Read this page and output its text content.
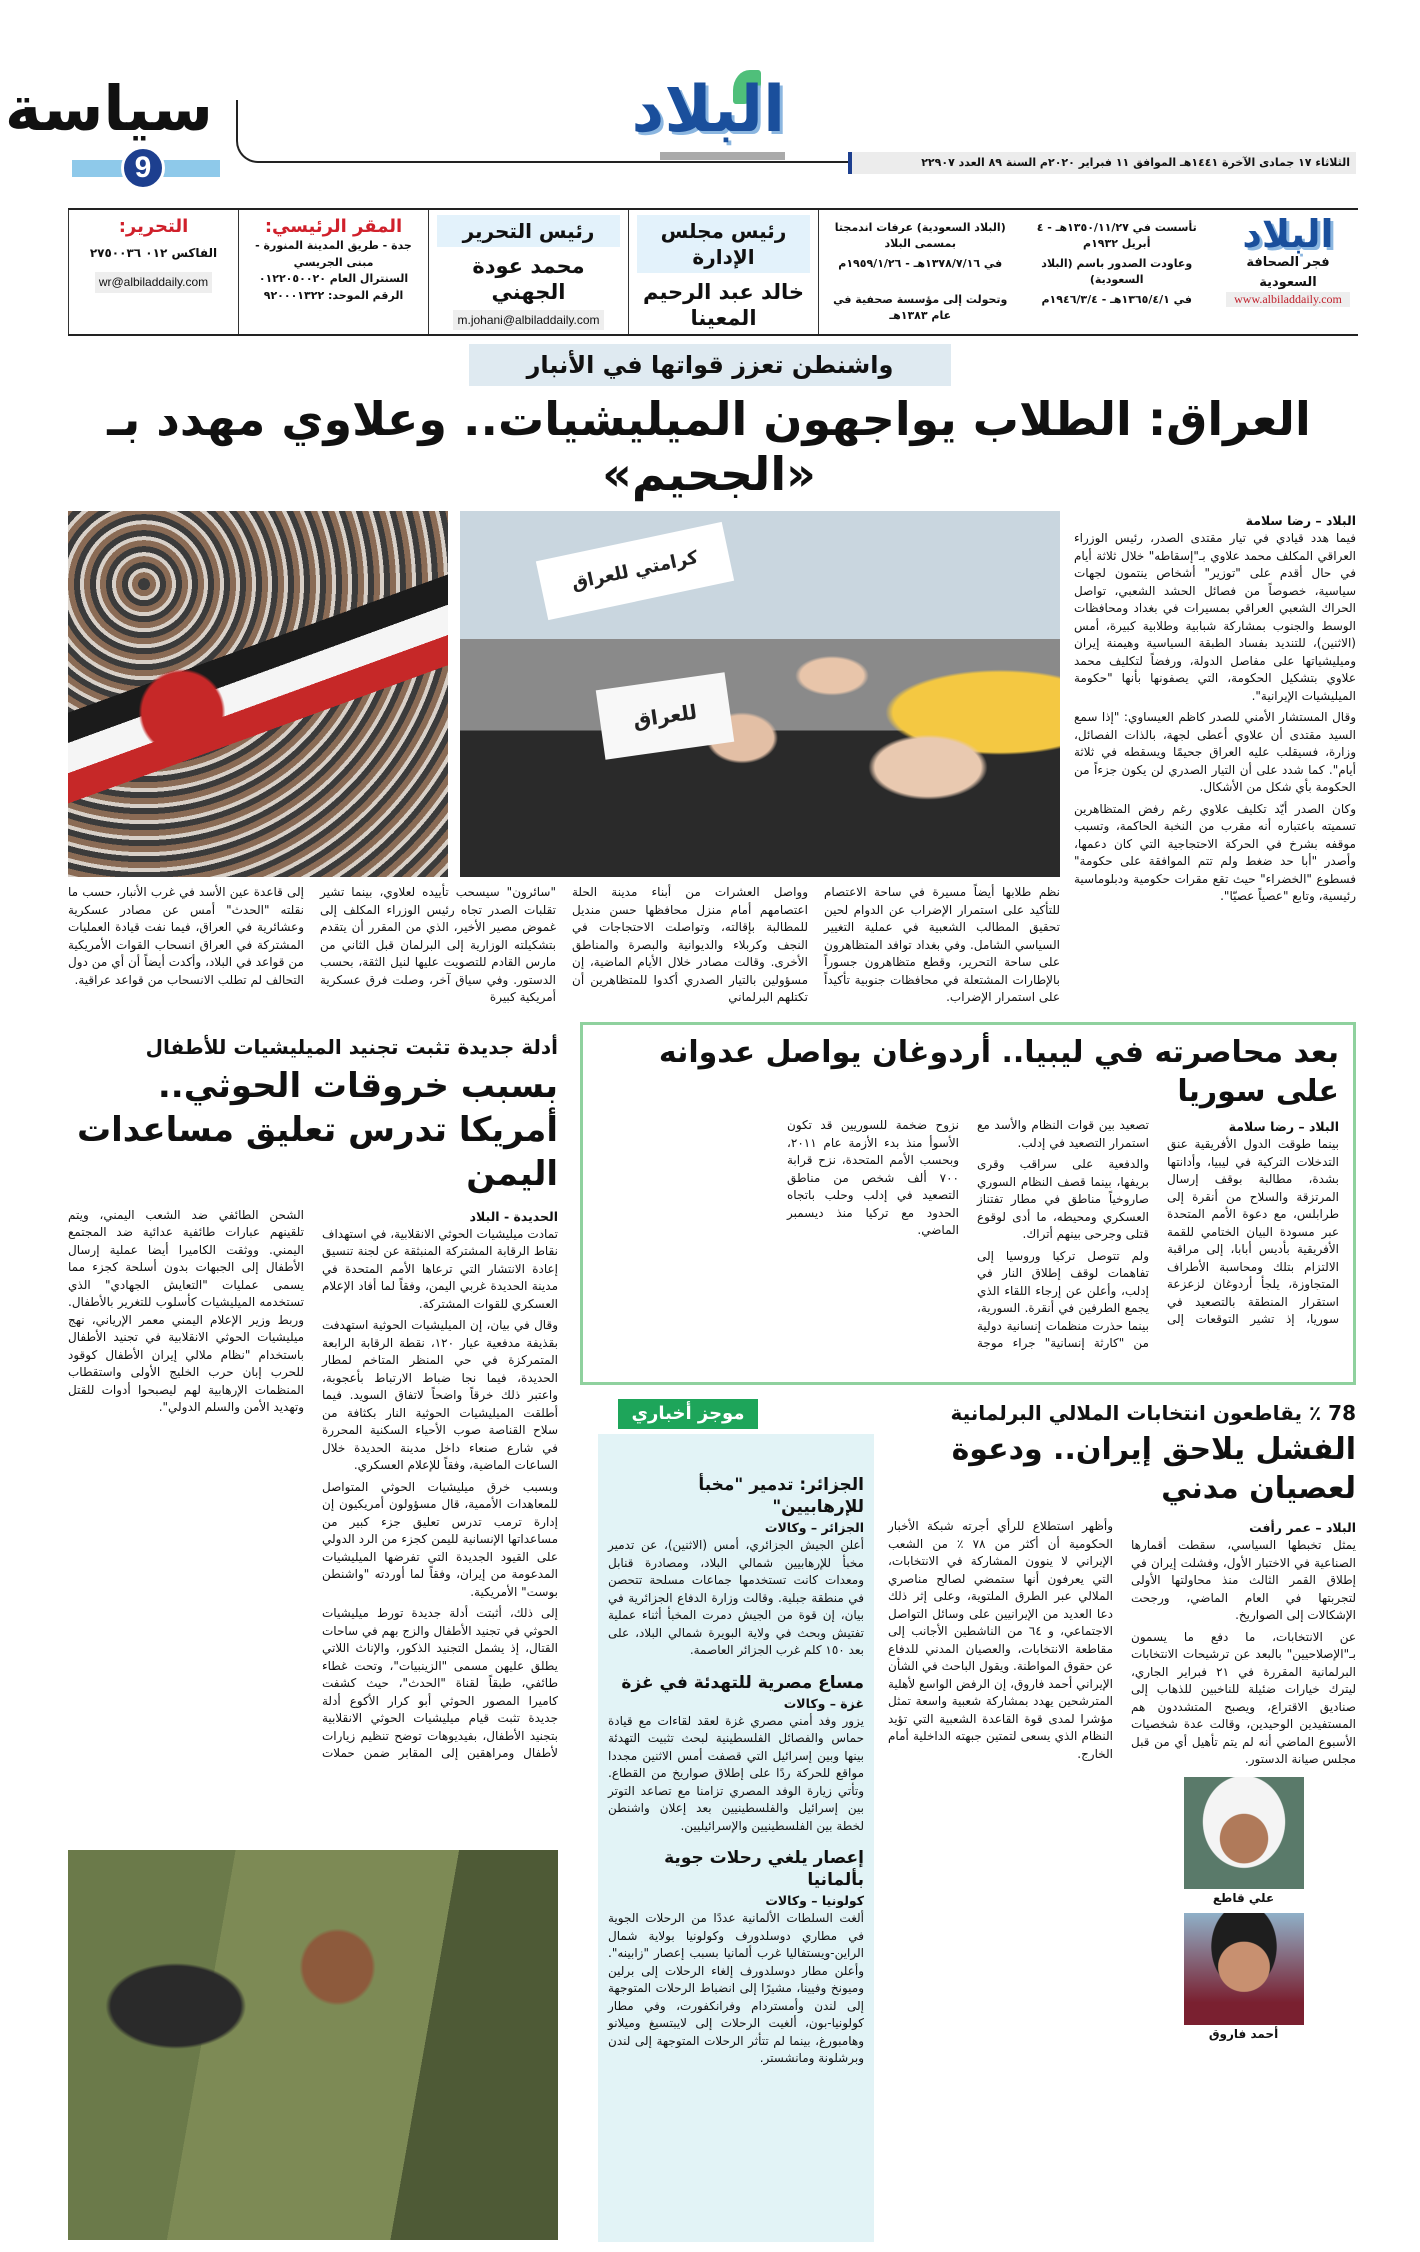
سياسة
9
البلاد
الثلاثاء ١٧ جمادى الآخرة ١٤٤١هـ الموافق ١١ فبراير ٢٠٢٠م السنة ٨٩ العدد ٢٢٩٠٧
البلاد
فجر الصحافة السعودية
www.albiladdaily.com
تأسست في ١٣٥٠/١١/٢٧هـ - ٤ أبريل ١٩٣٢م
(البلاد السعودية) عرفات اندمجتا بمسمى البلاد
وعاودت الصدور باسم (البلاد السعودية)
في ١٣٧٨/٧/١٦هـ - ١٩٥٩/١/٢٦م
في ١٣٦٥/٤/١هـ - ١٩٤٦/٣/٤م
وتحولت إلى مؤسسة صحفية في عام ١٣٨٣هـ
رئيس مجلس الإدارة
خالد عبد الرحيم المعينا
رئيس التحرير
محمد عودة الجهني
m.johani@albiladdaily.com
المقر الرئيسي:
جدة - طريق المدينة المنورة - مبنى الجريسي
السنترال العام ٠١٢٢٠٥٠٠٢٠
الرقم الموحد: ٩٢٠٠٠١٣٢٢
التحرير:
الفاكس ٠١٢ ٢٧٥٠٠٣٦
wr@albiladdaily.com
واشنطن تعزز قواتها في الأنبار
العراق: الطلاب يواجهون الميليشيات.. وعلاوي مهدد بـ «الجحيم»
كرامتي للعراق
للعراق
البلاد – رضا سلامة

فيما هدد قيادي في تيار مقتدى الصدر، رئيس الوزراء العراقي المكلف محمد علاوي بـ"إسقاطه" خلال ثلاثة أيام في حال أقدم على "توزير" أشخاص ينتمون لجهات سياسية، خصوصاً من فصائل الحشد الشعبي، تواصل الحراك الشعبي العراقي بمسيرات في بغداد ومحافظات الوسط والجنوب بمشاركة شبابية وطلابية كبيرة، أمس (الاثنين)، للتنديد بفساد الطبقة السياسية وهيمنة إيران وميليشياتها على مفاصل الدولة، ورفضاً لتكليف محمد علاوي بتشكيل الحكومة، التي يصفونها بأنها "حكومة الميليشيات الإيرانية".

وقال المستشار الأمني للصدر كاظم العيساوي: "إذا سمع السيد مقتدى أن علاوي أعطى لجهة، بالذات الفصائل، وزارة، فسيقلب عليه العراق جحيمًا ويسقطه في ثلاثة أيام". كما شدد على أن التيار الصدري لن يكون جزءاً من الحكومة بأي شكل من الأشكال.

وكان الصدر أيّد تكليف علاوي رغم رفض المتظاهرين تسميته باعتباره أنه مقرب من النخبة الحاكمة، وتسبب موقفه بشرخ في الحركة الاحتجاجية التي كان دعمها، وأصدر "أبا حد ضغط ولم تتم الموافقة على حكومة" فسطوع "الخضراء" حيث تقع مقرات حكومية ودبلوماسية رئيسية، وتابع "عصياً عصيّا".

نظم طلابها أيضاً مسيرة في ساحة الاعتصام للتأكيد على استمرار الإضراب عن الدوام لحين تحقيق المطالب الشعبية في عملية التغيير السياسي الشامل. وفي بغداد توافد المتظاهرون على ساحة التحرير، وقطع متظاهرون جسوراً بالإطارات المشتعلة في محافظات جنوبية تأكيداً على استمرار الإضراب.

وواصل العشرات من أبناء مدينة الحلة اعتصامهم أمام منزل محافظها حسن منديل للمطالبة بإقالته، وتواصلت الاحتجاجات في النجف وكربلاء والديوانية والبصرة والمناطق الأخرى. وقالت مصادر خلال الأيام الماضية، إن مسؤولين بالتيار الصدري أكدوا للمتظاهرين أن تكتلهم البرلماني

"سائرون" سيسحب تأييده لعلاوي، بينما تشير تقلبات الصدر تجاه رئيس الوزراء المكلف إلى غموض مصير الأخير، الذي من المقرر أن يتقدم بتشكيلته الوزارية إلى البرلمان قبل الثاني من مارس القادم للتصويت عليها لنيل الثقة، بحسب الدستور. وفي سياق آخر، وصلت فرق عسكرية أمريكية كبيرة

إلى قاعدة عين الأسد في غرب الأنبار، حسب ما نقلته "الحدث" أمس عن مصادر عسكرية وعشائرية في العراق، فيما نفت قيادة العمليات المشتركة في العراق انسحاب القوات الأمريكية من قواعد في البلاد، وأكدت أيضاً أن أي من دول التحالف لم تطلب الانسحاب من قواعد عراقية.

أدلة جديدة تثبت تجنيد الميليشيات للأطفال
بسبب خروقات الحوثي.. أمريكا تدرس تعليق مساعدات اليمن
الحديدة - البلاد

تمادت ميليشيات الحوثي الانقلابية، في استهداف نقاط الرقابة المشتركة المنبثقة عن لجنة تنسيق إعادة الانتشار التي ترعاها الأمم المتحدة في مدينة الحديدة غربي اليمن، وفقاً لما أفاد الإعلام العسكري للقوات المشتركة.

وقال في بيان، إن الميليشيات الحوثية استهدفت بقذيفة مدفعية عيار ١٢٠، نقطة الرقابة الرابعة المتمركزة في حي المنظر المتاخم لمطار الحديدة، فيما نجا ضباط الارتباط بأعجوبة، واعتبر ذلك خرقاً واضحاً لاتفاق السويد. فيما أطلقت الميليشيات الحوثية النار بكثافة من سلاح القناصة صوب الأحياء السكنية المحررة في شارع صنعاء داخل مدينة الحديدة خلال الساعات الماضية، وفقاً للإعلام العسكري.

وبسبب خرق ميليشيات الحوثي المتواصل للمعاهدات الأممية، قال مسؤولون أمريكيون إن إدارة ترمب تدرس تعليق جزء كبير من مساعداتها الإنسانية لليمن كجزء من الرد الدولي على القيود الجديدة التي تفرضها الميليشيات المدعومة من إيران، وفقاً لما أوردته "واشنطن بوست" الأمريكية.

إلى ذلك، أثبتت أدلة جديدة تورط ميليشيات الحوثي في تجنيد الأطفال والزج بهم في ساحات القتال، إذ يشمل التجنيد الذكور، والإناث اللاتي يطلق عليهن مسمى "الزينبيات"، وتحت غطاء طائفي، طبقاً لقناة "الحدث"، حيث كشفت كاميرا المصور الحوثي أبو كرار الأكوع أدلة جديدة تثبت قيام ميليشيات الحوثي الانقلابية بتجنيد الأطفال، بفيديوهات توضح تنظيم زيارات لأطفال ومراهقين إلى المقابر ضمن حملات الشحن الطائفي ضد الشعب اليمني، ويتم تلقينهم عبارات طائفية عدائية ضد المجتمع اليمني. ووثقت الكاميرا أيضا عملية إرسال الأطفال إلى الجبهات بدون أسلحة كجزء مما يسمى عمليات "التعايش الجهادي" الذي تستخدمه الميليشيات كأسلوب للتغرير بالأطفال. وربط وزير الإعلام اليمني معمر الإرياني، نهج ميليشيات الحوثي الانقلابية في تجنيد الأطفال باستخدام "نظام ملالي إيران الأطفال كوقود للحرب إبان حرب الخليج الأولى واستقطاب المنظمات الإرهابية لهم ليصبحوا أدوات للقتل وتهديد الأمن والسلم الدولي".

بعد محاصرته في ليبيا.. أردوغان يواصل عدوانه على سوريا
البلاد – رضا سلامة

بينما طوقت الدول الأفريقية عنق التدخلات التركية في ليبيا، وأدانتها بشدة، مطالبة بوقف إرسال المرتزقة والسلاح من أنقرة إلى طرابلس، مع دعوة الأمم المتحدة عبر مسودة البيان الختامي للقمة الأفريقية بأديس أبابا، إلى مراقبة الالتزام بتلك ومحاسبة الأطراف المتجاوزة، يلجأ أردوغان لزعزعة استقرار المنطقة بالتصعيد في سوريا، إذ تشير التوقعات إلى تصعيد بين قوات النظام والأسد مع استمرار التصعيد في إدلب.

والدفعية على سراقب وقرى بريفها، بينما قصف النظام السوري صاروخياً مناطق في مطار تفتناز العسكري ومحيطه، ما أدى لوقوع قتلى وجرحى بينهم أتراك.

ولم تتوصل تركيا وروسيا إلى تفاهمات لوقف إطلاق النار في إدلب، وأعلن عن إرجاء اللقاء الذي يجمع الطرفين في أنقرة. السورية، بينما حذرت منظمات إنسانية دولية من "كارثة إنسانية" جراء موجة نزوح ضخمة للسوريين قد تكون الأسوأ منذ بدء الأزمة عام ٢٠١١، وبحسب الأمم المتحدة، نزح قرابة ٧٠٠ ألف شخص من مناطق التصعيد في إدلب وحلب باتجاه الحدود مع تركيا منذ ديسمبر الماضي.

الجزائر: تدمير "مخبأ للإرهابيين"
الجزائر – وكالات

أعلن الجيش الجزائري، أمس (الاثنين)، عن تدمير مخبأ للإرهابيين شمالي البلاد، ومصادرة قنابل ومعدات كانت تستخدمها جماعات مسلحة تتحصن في منطقة جبلية. وقالت وزارة الدفاع الجزائرية في بيان، إن قوة من الجيش دمرت المخبأ أثناء عملية تفتيش وبحث في ولاية البويرة شمالي البلاد، على بعد ١٥٠ كلم غرب الجزائر العاصمة.

مساع مصرية للتهدئة في غزة
غزة – وكالات

يزور وفد أمني مصري غزة لعقد لقاءات مع قيادة حماس والفصائل الفلسطينية لبحث تثبيت التهدئة بينها وبين إسرائيل التي قصفت أمس الاثنين مجددا مواقع للحركة ردًا على إطلاق صواريخ من القطاع. وتأتي زيارة الوفد المصري تزامنا مع تصاعد التوتر بين إسرائيل والفلسطينيين بعد إعلان واشنطن لخطة بين الفلسطينيين والإسرائيليين.

إعصار يلغي رحلات جوية بألمانيا
كولونيا – وكالات

ألغت السلطات الألمانية عددًا من الرحلات الجوية في مطاري دوسلدورف وكولونيا بولاية شمال الراين-ويستفاليا غرب ألمانيا بسبب إعصار "زابينه". وأعلن مطار دوسلدورف إلغاء الرحلات إلى برلين وميونخ وفيينا، مشيرًا إلى انضباط الرحلات المتوجهة إلى لندن وأمستردام وفرانكفورت، وفي مطار كولونيا-بون، ألغيت الرحلات إلى لايبتسيغ وميلانو وهامبورغ، بينما لم تتأثر الرحلات المتوجهة إلى لندن وبرشلونة ومانشستر.

موجز أخباري	78 ٪ يقاطعون انتخابات الملالي البرلمانية
الفشل يلاحق إيران.. ودعوة لعصيان مدني
البلاد – عمر رأفت

يمثل تخبطها السياسي، سقطت أقمارها الصناعية في الاختبار الأول، وفشلت إيران في إطلاق القمر الثالث منذ محاولتها الأولى لتجربتها في العام الماضي، ورجحت الإشكالات إلى الصواريخ.

عن الانتخابات، ما دفع ما يسمون بـ"الإصلاحيين" بالبعد عن ترشيحات الانتخابات البرلمانية المقررة في ٢١ فبراير الجاري، ليترك خيارات ضئيلة للناخبين للذهاب إلى صناديق الاقتراع، ويصبح المتشددون هم المستفيدين الوحيدين، وقالت عدة شخصيات الأسبوع الماضي أنه لم يتم تأهيل أي من قبل مجلس صيانة الدستور.

علي قاطع
أحمد فاروق

وأظهر استطلاع للرأي أجرته شبكة الأخبار الحكومية أن أكثر من ٧٨ ٪ من الشعب الإيراني لا ينوون المشاركة في الانتخابات، التي يعرفون أنها ستمضي لصالح مناصري الملالي عبر الطرق الملتوية، وعلى إثر ذلك دعا العديد من الإيرانيين على وسائل التواصل الاجتماعي، و ٦٤ من الناشطين الأجانب إلى مقاطعة الانتخابات، والعصيان المدني للدفاع عن حقوق المواطنة. ويقول الباحث في الشأن الإيراني أحمد فاروق، إن الرفض الواسع لأهلية المترشحين يهدد بمشاركة شعبية واسعة تمثل مؤشرا لمدى قوة القاعدة الشعبية التي تؤيد النظام الذي يسعى لتمتين جبهته الداخلية أمام الخارج.
